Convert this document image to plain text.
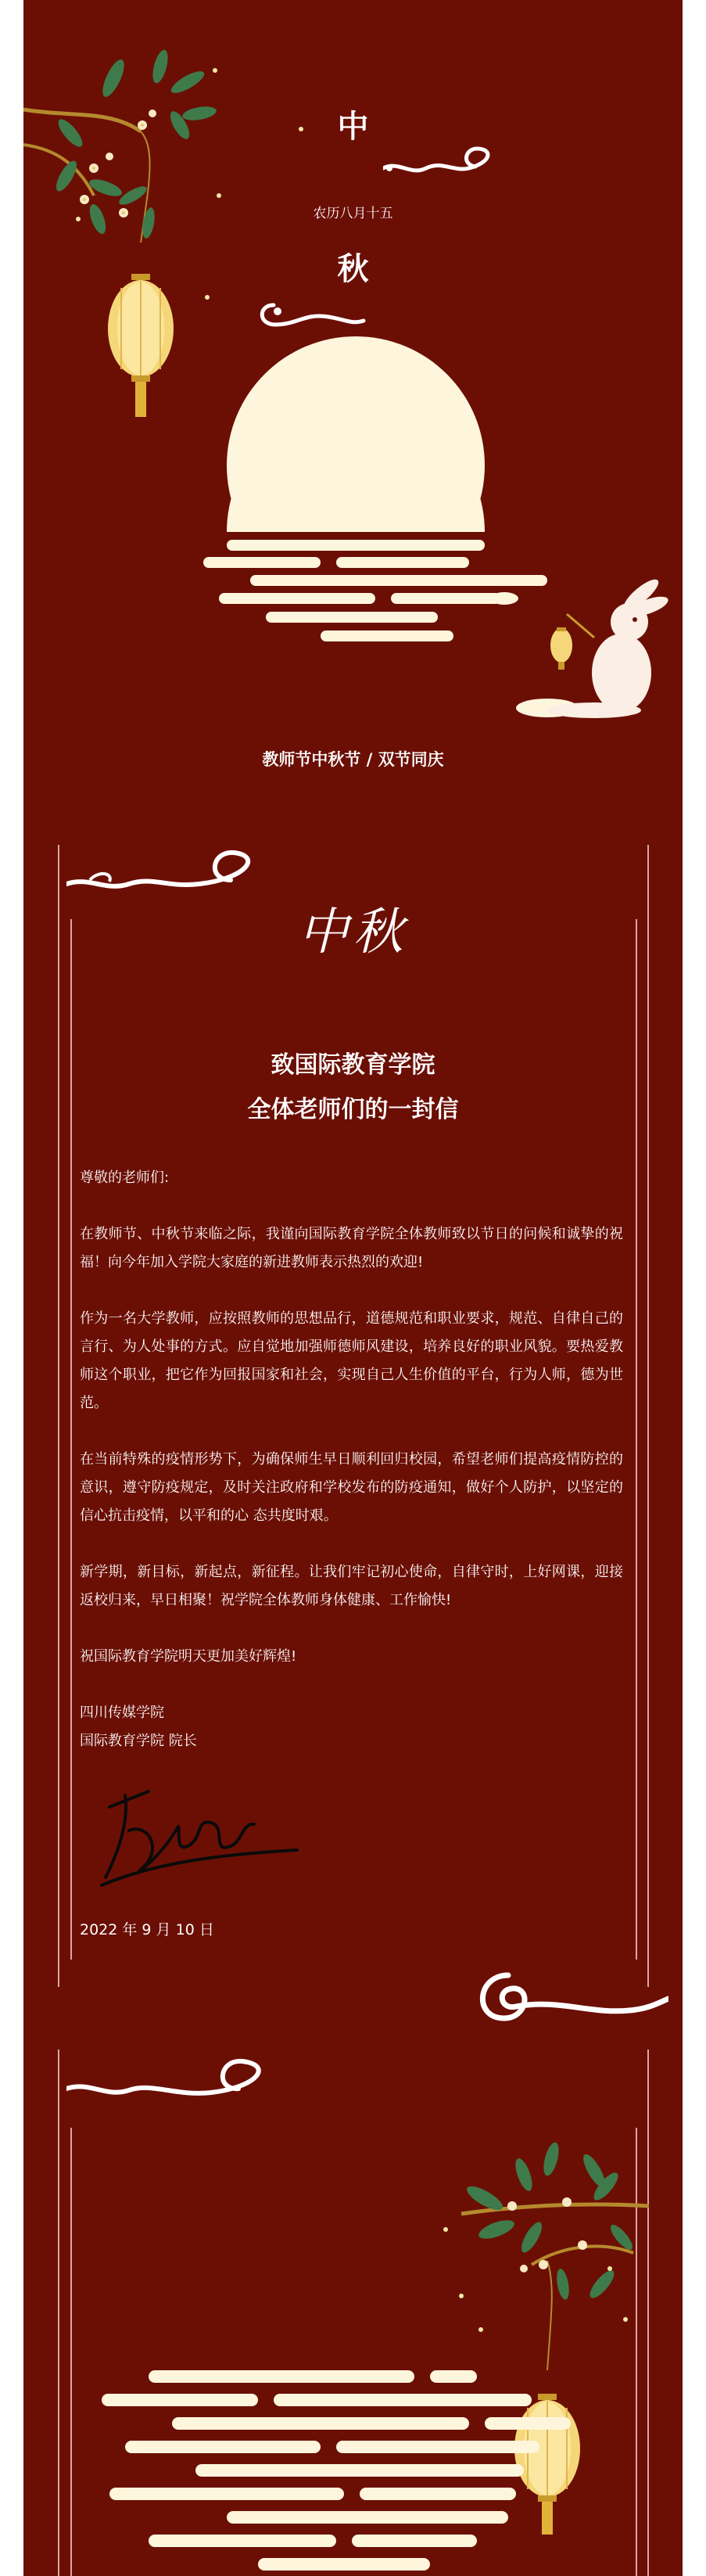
中
农历八月十五
秋
教师节中秋节 / 双节同庆
中秋
致国际教育学院
全体老师们的一封信

尊敬的老师们:

在教师节、中秋节来临之际，我谨向国际教育学院全体教师致以节日的问候和诚挚的祝福！向今年加入学院大家庭的新进教师表示热烈的欢迎!

作为一名大学教师，应按照教师的思想品行，道德规范和职业要求，规范、自律自己的言行、为人处事的方式。应自觉地加强师德师风建设，培养良好的职业风貌。要热爱教师这个职业，把它作为回报国家和社会，实现自己人生价值的平台，行为人师，德为世范。

在当前特殊的疫情形势下，为确保师生早日顺利回归校园，希望老师们提高疫情防控的意识，遵守防疫规定，及时关注政府和学校发布的防疫通知，做好个人防护，以坚定的信心抗击疫情，以平和的心 态共度时艰。

新学期，新目标，新起点，新征程。让我们牢记初心使命，自律守时，上好网课，迎接返校归来，早日相聚！祝学院全体教师身体健康、工作愉快!

祝国际教育学院明天更加美好辉煌!

四川传媒学院

国际教育学院 院长

2022 年 9 月 10 日
